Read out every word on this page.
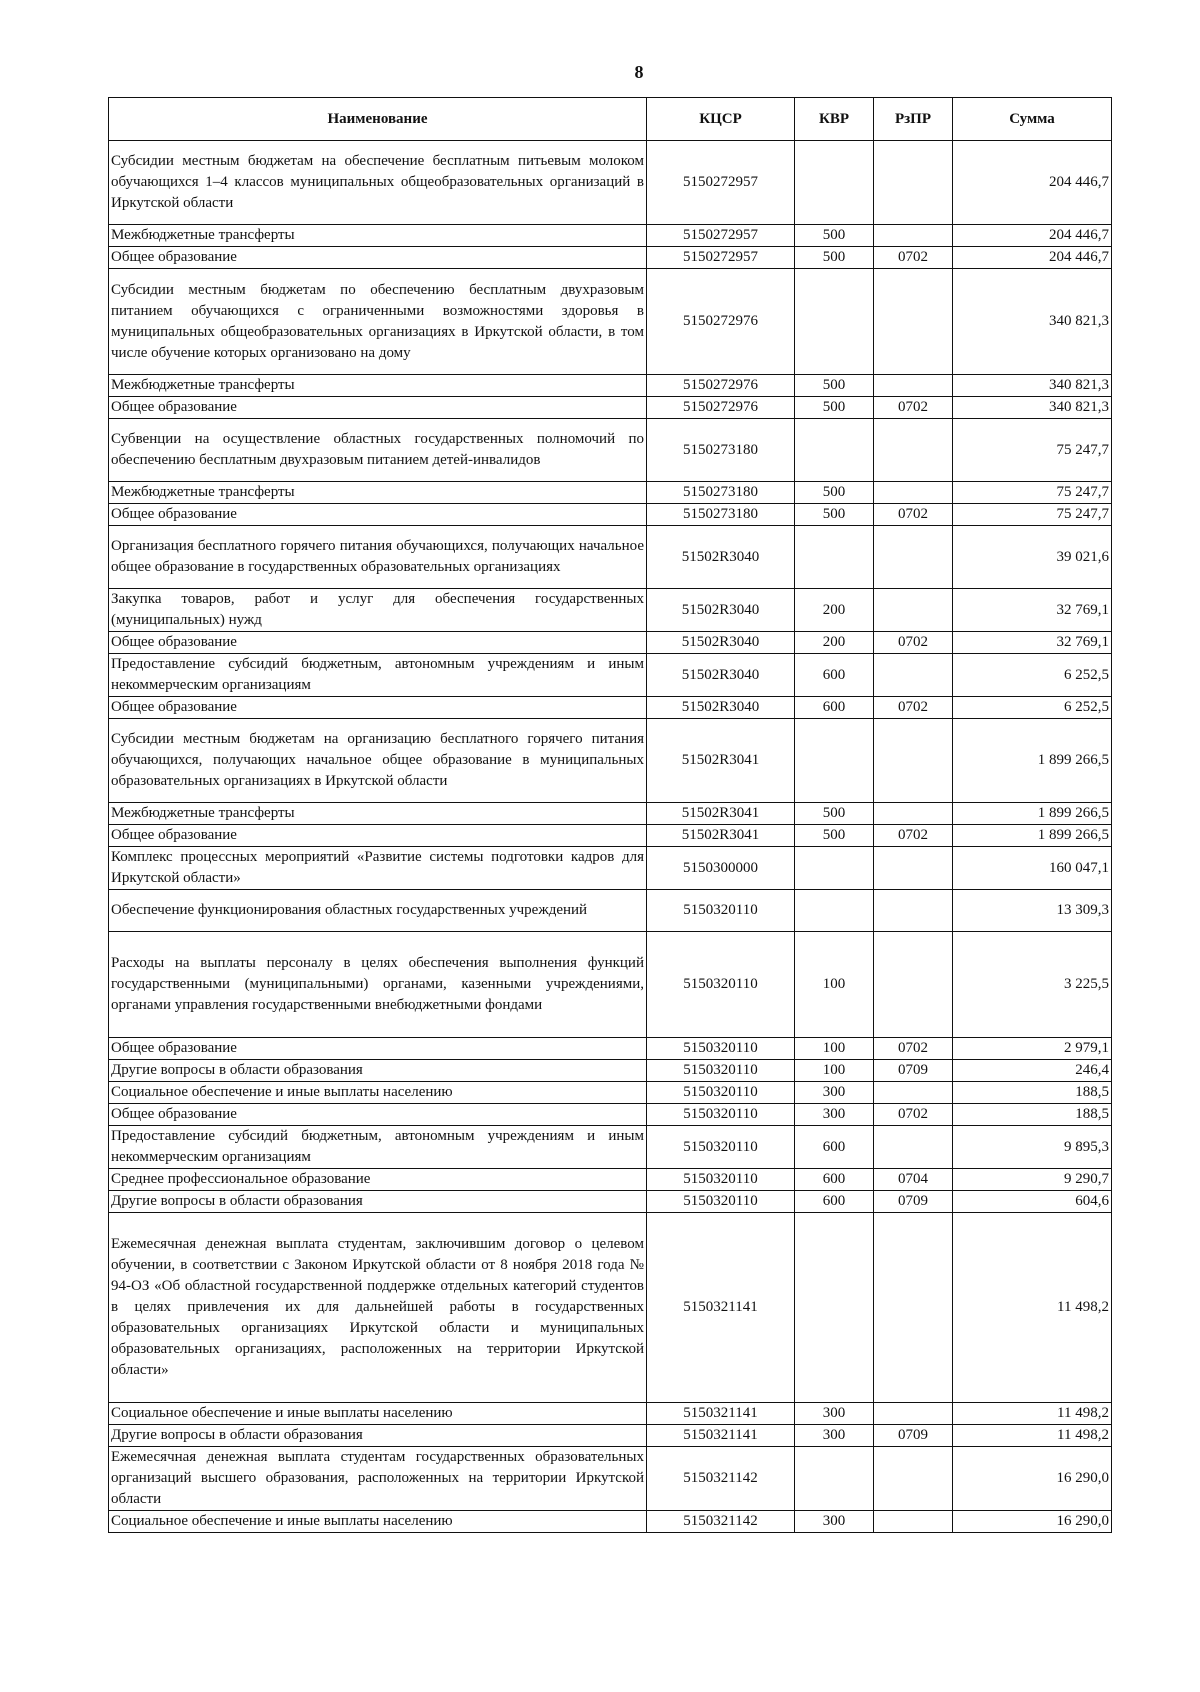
8
Наименование	КЦСР	КВР	РзПР	Сумма
Субсидии местным бюджетам на обеспечение бесплатным питьевым молоком обучающихся 1–4 классов муниципальных общеобразовательных организаций в Иркутской области	5150272957			204 446,7
Межбюджетные трансферты	5150272957	500		204 446,7
Общее образование	5150272957	500	0702	204 446,7
Субсидии местным бюджетам по обеспечению бесплатным двухразовым питанием обучающихся с ограниченными возможностями здоровья в муниципальных общеобразовательных организациях в Иркутской области, в том числе обучение которых организовано на дому	5150272976			340 821,3
Межбюджетные трансферты	5150272976	500		340 821,3
Общее образование	5150272976	500	0702	340 821,3
Субвенции на осуществление областных государственных полномочий по обеспечению бесплатным двухразовым питанием детей-инвалидов	5150273180			75 247,7
Межбюджетные трансферты	5150273180	500		75 247,7
Общее образование	5150273180	500	0702	75 247,7
Организация бесплатного горячего питания обучающихся, получающих начальное общее образование в государственных образовательных организациях	51502R3040			39 021,6
Закупка товаров, работ и услуг для обеспечения государственных (муниципальных) нужд	51502R3040	200		32 769,1
Общее образование	51502R3040	200	0702	32 769,1
Предоставление субсидий бюджетным, автономным учреждениям и иным некоммерческим организациям	51502R3040	600		6 252,5
Общее образование	51502R3040	600	0702	6 252,5
Субсидии местным бюджетам на организацию бесплатного горячего питания обучающихся, получающих начальное общее образование в муниципальных образовательных организациях в Иркутской области	51502R3041			1 899 266,5
Межбюджетные трансферты	51502R3041	500		1 899 266,5
Общее образование	51502R3041	500	0702	1 899 266,5
Комплекс процессных мероприятий «Развитие системы подготовки кадров для Иркутской области»	5150300000			160 047,1
Обеспечение функционирования областных государственных учреждений	5150320110			13 309,3
Расходы на выплаты персоналу в целях обеспечения выполнения функций государственными (муниципальными) органами, казенными учреждениями, органами управления государственными внебюджетными фондами	5150320110	100		3 225,5
Общее образование	5150320110	100	0702	2 979,1
Другие вопросы в области образования	5150320110	100	0709	246,4
Социальное обеспечение и иные выплаты населению	5150320110	300		188,5
Общее образование	5150320110	300	0702	188,5
Предоставление субсидий бюджетным, автономным учреждениям и иным некоммерческим организациям	5150320110	600		9 895,3
Среднее профессиональное образование	5150320110	600	0704	9 290,7
Другие вопросы в области образования	5150320110	600	0709	604,6
Ежемесячная денежная выплата студентам, заключившим договор о целевом обучении, в соответствии с Законом Иркутской области от 8 ноября 2018 года № 94-ОЗ «Об областной государственной поддержке отдельных категорий студентов в целях привлечения их для дальнейшей работы в государственных образовательных организациях Иркутской области и муниципальных образовательных организациях, расположенных на территории Иркутской области»	5150321141			11 498,2
Социальное обеспечение и иные выплаты населению	5150321141	300		11 498,2
Другие вопросы в области образования	5150321141	300	0709	11 498,2
Ежемесячная денежная выплата студентам государственных образовательных организаций высшего образования, расположенных на территории Иркутской области	5150321142			16 290,0
Социальное обеспечение и иные выплаты населению	5150321142	300		16 290,0
